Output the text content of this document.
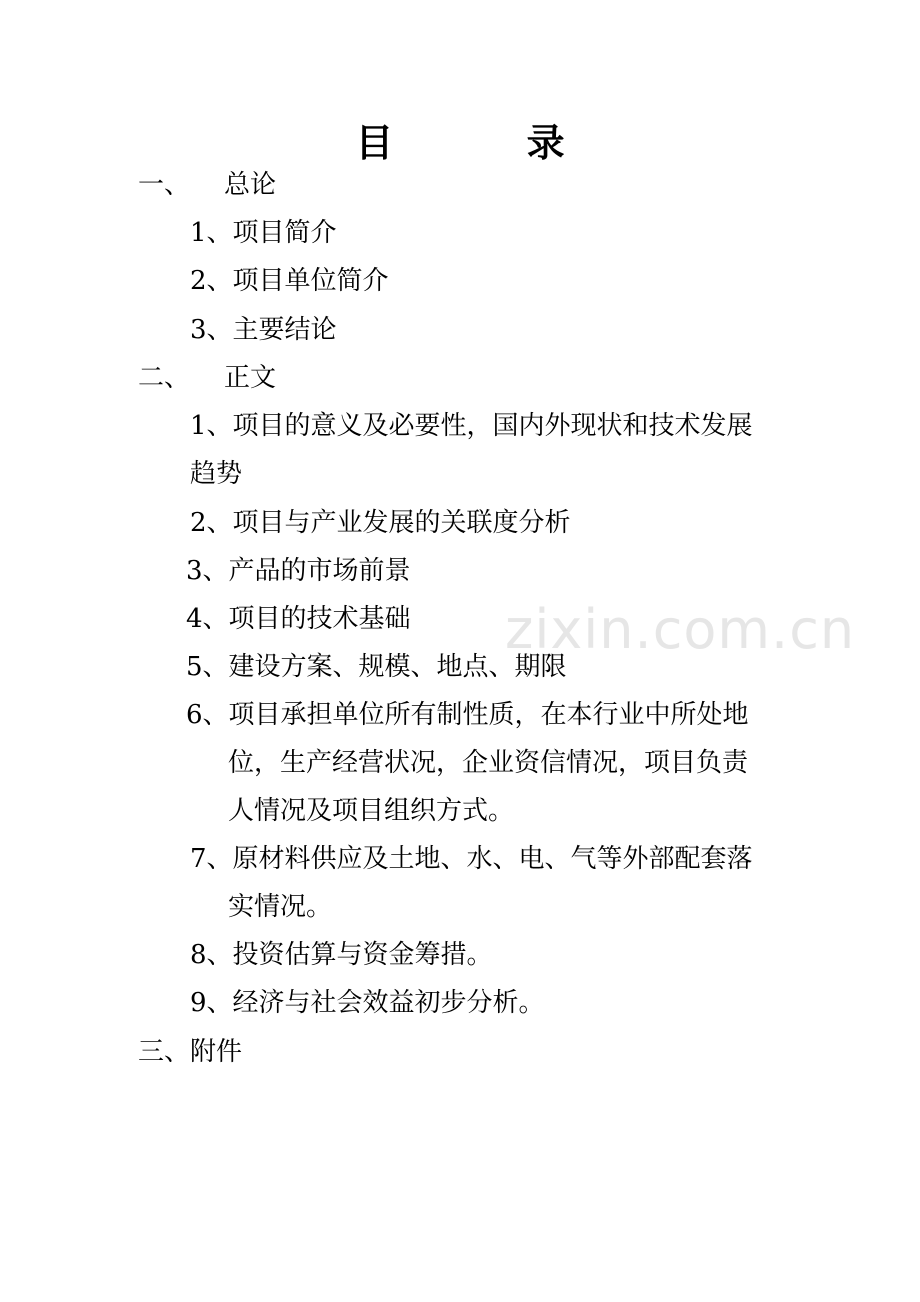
目 录
一、 总论
1、项目简介
2、项目单位简介
3、主要结论
二、 正文
1、项目的意义及必要性，国内外现状和技术发展
趋势
2、项目与产业发展的关联度分析
3、产品的市场前景
4、项目的技术基础
5、建设方案、规模、地点、期限
6、项目承担单位所有制性质，在本行业中所处地
位，生产经营状况，企业资信情况，项目负责
人情况及项目组织方式。
7、原材料供应及土地、水、电、气等外部配套落
实情况。
8、投资估算与资金筹措。
9、经济与社会效益初步分析。
三、附件
zixin.com.cn
